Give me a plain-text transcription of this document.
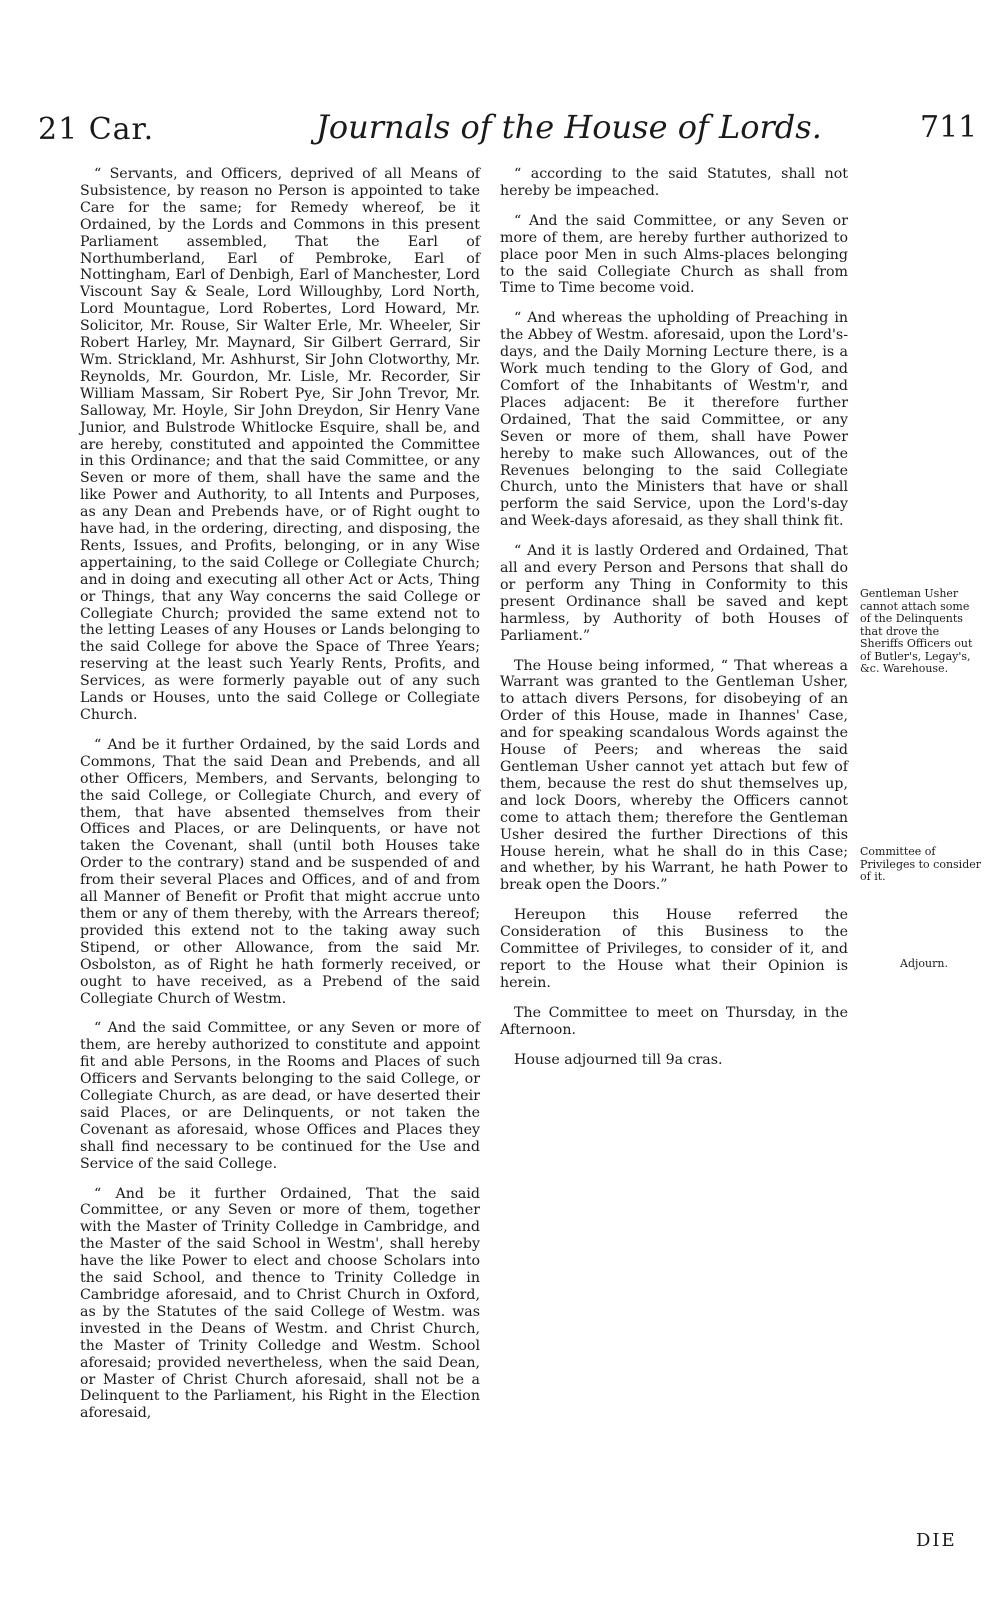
21 Car.	Journals of the House of Lords.	711

“ Servants, and Officers, deprived of all Means of Subsistence, by reason no Person is appointed to take Care for the same; for Remedy whereof, be it Ordained, by the Lords and Commons in this present Parliament assembled, That the Earl of Northumberland, Earl of Pembroke, Earl of Nottingham, Earl of Denbigh, Earl of Manchester, Lord Viscount Say & Seale, Lord Willoughby, Lord North, Lord Mountague, Lord Robertes, Lord Howard, Mr. Solicitor, Mr. Rouse, Sir Walter Erle, Mr. Wheeler, Sir Robert Harley, Mr. Maynard, Sir Gilbert Gerrard, Sir Wm. Strickland, Mr. Ashhurst, Sir John Clotworthy, Mr. Reynolds, Mr. Gourdon, Mr. Lisle, Mr. Recorder, Sir William Massam, Sir Robert Pye, Sir John Trevor, Mr. Salloway, Mr. Hoyle, Sir John Dreydon, Sir Henry Vane Junior, and Bulstrode Whitlocke Esquire, shall be, and are hereby, constituted and appointed the Committee in this Ordinance; and that the said Committee, or any Seven or more of them, shall have the same and the like Power and Authority, to all Intents and Purposes, as any Dean and Prebends have, or of Right ought to have had, in the ordering, directing, and disposing, the Rents, Issues, and Profits, belonging, or in any Wise appertaining, to the said College or Collegiate Church; and in doing and executing all other Act or Acts, Thing or Things, that any Way concerns the said College or Collegiate Church; provided the same extend not to the letting Leases of any Houses or Lands belonging to the said College for above the Space of Three Years; reserving at the least such Yearly Rents, Profits, and Services, as were formerly payable out of any such Lands or Houses, unto the said College or Collegiate Church.

“ And be it further Ordained, by the said Lords and Commons, That the said Dean and Prebends, and all other Officers, Members, and Servants, belonging to the said College, or Collegiate Church, and every of them, that have absented themselves from their Offices and Places, or are Delinquents, or have not taken the Covenant, shall (until both Houses take Order to the contrary) stand and be suspended of and from their several Places and Offices, and of and from all Manner of Benefit or Profit that might accrue unto them or any of them thereby, with the Arrears thereof; provided this extend not to the taking away such Stipend, or other Allowance, from the said Mr. Osbolston, as of Right he hath formerly received, or ought to have received, as a Prebend of the said Collegiate Church of Westm.

“ And the said Committee, or any Seven or more of them, are hereby authorized to constitute and appoint fit and able Persons, in the Rooms and Places of such Officers and Servants belonging to the said College, or Collegiate Church, as are dead, or have deserted their said Places, or are Delinquents, or not taken the Covenant as aforesaid, whose Offices and Places they shall find necessary to be continued for the Use and Service of the said College.

“ And be it further Ordained, That the said Committee, or any Seven or more of them, together with the Master of Trinity Colledge in Cambridge, and the Master of the said School in Westm', shall hereby have the like Power to elect and choose Scholars into the said School, and thence to Trinity Colledge in Cambridge aforesaid, and to Christ Church in Oxford, as by the Statutes of the said College of Westm. was invested in the Deans of Westm. and Christ Church, the Master of Trinity Colledge and Westm. School aforesaid; provided nevertheless, when the said Dean, or Master of Christ Church aforesaid, shall not be a Delinquent to the Parliament, his Right in the Election aforesaid,

“ according to the said Statutes, shall not hereby be impeached.

“ And the said Committee, or any Seven or more of them, are hereby further authorized to place poor Men in such Alms-places belonging to the said Collegiate Church as shall from Time to Time become void.

“ And whereas the upholding of Preaching in the Abbey of Westm. aforesaid, upon the Lord's-days, and the Daily Morning Lecture there, is a Work much tending to the Glory of God, and Comfort of the Inhabitants of Westm'r, and Places adjacent: Be it therefore further Ordained, That the said Committee, or any Seven or more of them, shall have Power hereby to make such Allowances, out of the Revenues belonging to the said Collegiate Church, unto the Ministers that have or shall perform the said Service, upon the Lord's-day and Week-days aforesaid, as they shall think fit.

“ And it is lastly Ordered and Ordained, That all and every Person and Persons that shall do or perform any Thing in Conformity to this present Ordinance shall be saved and kept harmless, by Authority of both Houses of Parliament.”

The House being informed, “ That whereas a Warrant was granted to the Gentleman Usher, to attach divers Persons, for disobeying of an Order of this House, made in Ihannes' Case, and for speaking scandalous Words against the House of Peers; and whereas the said Gentleman Usher cannot yet attach but few of them, because the rest do shut themselves up, and lock Doors, whereby the Officers cannot come to attach them; therefore the Gentleman Usher desired the further Directions of this House herein, what he shall do in this Case; and whether, by his Warrant, he hath Power to break open the Doors.”

Hereupon this House referred the Consideration of this Business to the Committee of Privileges, to consider of it, and report to the House what their Opinion is herein.

The Committee to meet on Thursday, in the Afternoon.

House adjourned till 9a cras.

Gentleman Usher cannot attach some of the Delinquents that drove the Sheriffs Officers out of Butler's, Legay's, &c. Warehouse.
Committee of Privileges to consider of it.
Adjourn.
DIE
